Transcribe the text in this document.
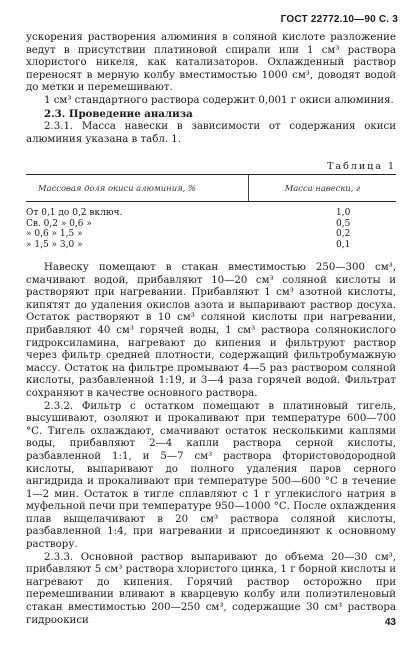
ГОСТ 22772.10—90 С. 3

ускорения растворения алюминия в соляной кислоте разложение ведут в присутствии платиновой спирали или 1 см³ раствора хлористого никеля, как катализаторов. Охлажденный раствор переносят в мерную колбу вместимостью 1000 см³, доводят водой до метки и перемешивают.

1 см³ стандартного раствора содержит 0,001 г окиси алюминия.

2.3. Проведение анализа

2.3.1. Масса навески в зависимости от содержания окиси алюминия указана в табл. 1.

Таблица 1
Массовая доля окиси алюминия, %	Масса навески, г
От 0,1 до 0,2 включ.	1,0
Св. 0,2 » 0,6 »	0,5
» 0,6 » 1,5 »	0,2
» 1,5 » 3,0 »	0,1

Навеску помещают в стакан вместимостью 250—300 см³, смачивают водой, прибавляют 10—20 см³ соляной кислоты и растворяют при нагревании. Прибавляют 1 см³ азотной кислоты, кипятят до удаления окислов азота и выпаривают раствор досуха. Остаток растворяют в 10 см³ соляной кислоты при нагревании, прибавляют 40 см³ горячей воды, 1 см³ раствора солянокислого гидроксиламина, нагревают до кипения и фильтруют раствор через фильтр средней плотности, содержащий фильтробумажную массу. Остаток на фильтре промывают 4—5 раз раствором соляной кислоты, разбавленной 1:19, и 3—4 раза горячей водой. Фильтрат сохраняют в качестве основного раствора.

2.3.2. Фильтр с остатком помещают в платиновый тигель, высушивают, озоляют и прокаливают при температуре 600—700 °С. Тигель охлаждают, смачивают остаток несколькими каплями воды, прибавляют 2—4 капли раствора серной кислоты, разбавленной 1:1, и 5—7 см³ раствора фтористоводородной кислоты, выпаривают до полного удаления паров серного ангидрида и прокаливают при температуре 500—600 °С в течение 1—2 мин. Остаток в тигле сплавляют с 1 г углекислого натрия в муфельной печи при температуре 950—1000 °С. После охлаждения плав выщелачивают в 20 см³ раствора соляной кислоты, разбавленной 1:4, при нагревании и присоединяют к основному раствору.

2.3.3. Основной раствор выпаривают до объема 20—30 см³, прибавляют 5 см³ раствора хлористого цинка, 1 г борной кислоты и нагревают до кипения. Горячий раствор осторожно при перемешивании вливают в кварцевую колбу или полиэтиленовый стакан вместимостью 200—250 см³, содержащие 30 см³ раствора гидроокиси	43
